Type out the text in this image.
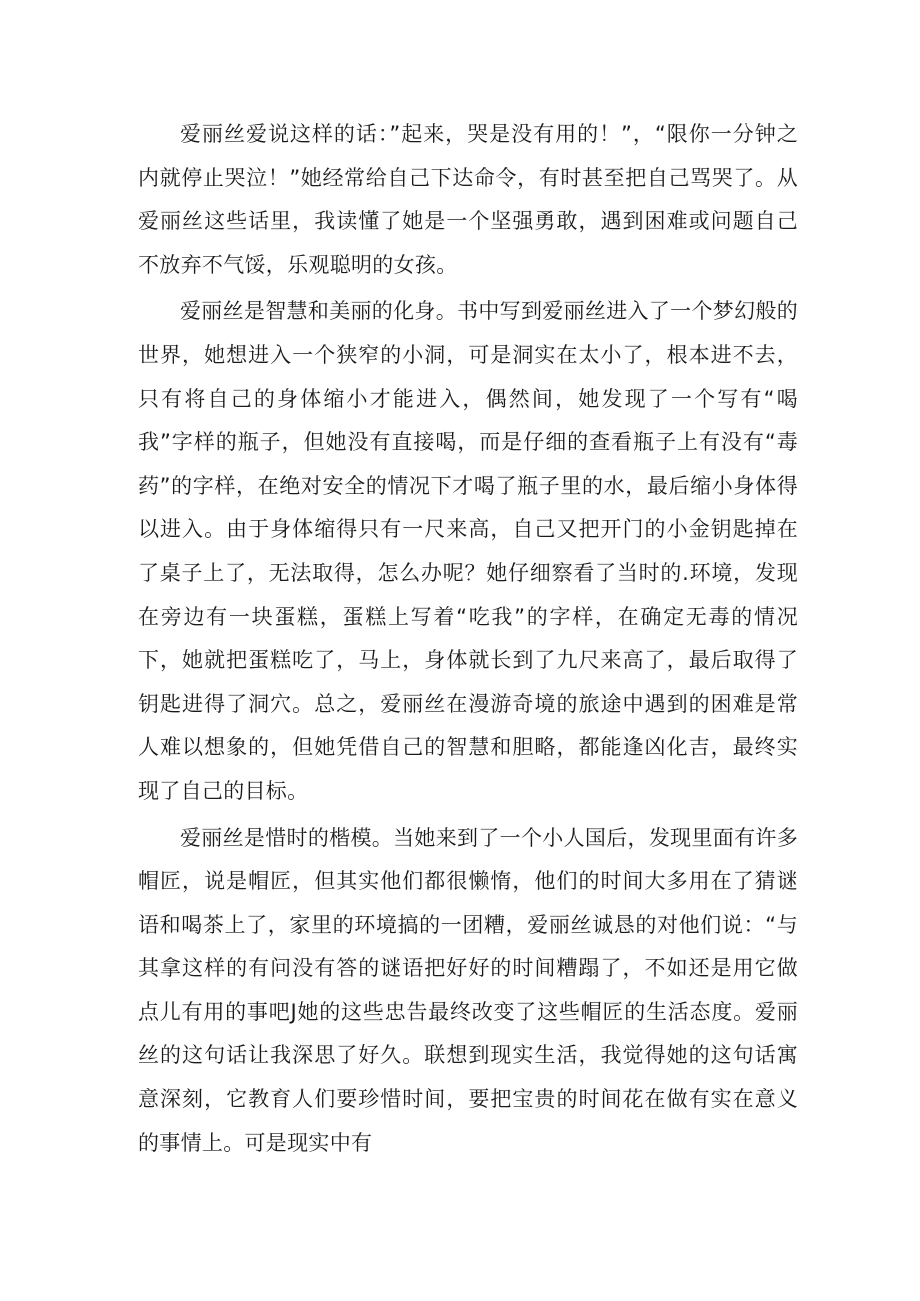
爱丽丝爱说这样的话：”起来，哭是没有用的！”，“限你一分钟之内就停止哭泣！”她经常给自己下达命令，有时甚至把自己骂哭了。从爱丽丝这些话里，我读懂了她是一个坚强勇敢，遇到困难或问题自己不放弃不气馁，乐观聪明的女孩。

爱丽丝是智慧和美丽的化身。书中写到爱丽丝进入了一个梦幻般的世界，她想进入一个狭窄的小洞，可是洞实在太小了，根本进不去，只有将自己的身体缩小才能进入，偶然间，她发现了一个写有“喝我”字样的瓶子，但她没有直接喝，而是仔细的查看瓶子上有没有“毒药”的字样，在绝对安全的情况下才喝了瓶子里的水，最后缩小身体得以进入。由于身体缩得只有一尺来高，自己又把开门的小金钥匙掉在了桌子上了，无法取得，怎么办呢？她仔细察看了当时的.环境，发现在旁边有一块蛋糕，蛋糕上写着“吃我”的字样，在确定无毒的情况下，她就把蛋糕吃了，马上，身体就长到了九尺来高了，最后取得了钥匙进得了洞穴。总之，爱丽丝在漫游奇境的旅途中遇到的困难是常人难以想象的，但她凭借自己的智慧和胆略，都能逢凶化吉，最终实现了自己的目标。

爱丽丝是惜时的楷模。当她来到了一个小人国后，发现里面有许多帽匠，说是帽匠，但其实他们都很懒惰，他们的时间大多用在了猜谜语和喝茶上了，家里的环境搞的一团糟，爱丽丝诚恳的对他们说：“与其拿这样的有问没有答的谜语把好好的时间糟蹋了，不如还是用它做点儿有用的事吧J她的这些忠告最终改变了这些帽匠的生活态度。爱丽丝的这句话让我深思了好久。联想到现实生活，我觉得她的这句话寓意深刻，它教育人们要珍惜时间，要把宝贵的时间花在做有实在意义的事情上。可是现实中有
